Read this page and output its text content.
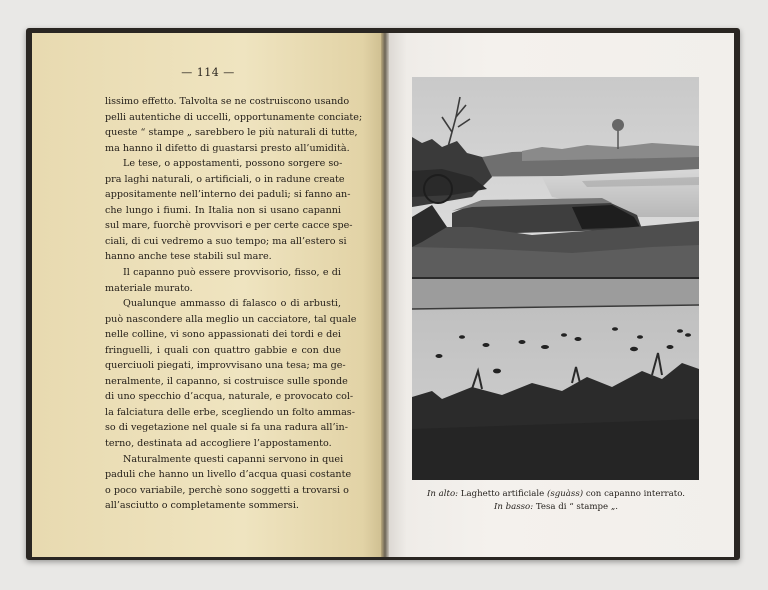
— 114 —
lissimo effetto. Talvolta se ne costruiscono usando
pelli autentiche di uccelli, opportunamente conciate;
queste “ stampe „ sarebbero le più naturali di tutte,
ma hanno il difetto di guastarsi presto all’umidità.
Le tese, o appostamenti, possono sorgere so-
pra laghi naturali, o artificiali, o in radune create
appositamente nell’interno dei paduli; si fanno an-
che lungo i fiumi. In Italia non si usano capanni
sul mare, fuorchè provvisori e per certe cacce spe-
ciali, di cui vedremo a suo tempo; ma all’estero si
hanno anche tese stabili sul mare.
Il capanno può essere provvisorio, fisso, e di
materiale murato.
Qualunque ammasso di falasco o di arbusti,
può nascondere alla meglio un cacciatore, tal quale
nelle colline, vi sono appassionati dei tordi e dei
fringuelli, i quali con quattro gabbie e con due
querciuoli piegati, improvvisano una tesa; ma ge-
neralmente, il capanno, si costruisce sulle sponde
di uno specchio d’acqua, naturale, e provocato col-
la falciatura delle erbe, scegliendo un folto ammas-
so di vegetazione nel quale si fa una radura all’in-
terno, destinata ad accogliere l’appostamento.
Naturalmente questi capanni servono in quei
paduli che hanno un livello d’acqua quasi costante
o poco variabile, perchè sono soggetti a trovarsi o
all’asciutto o completamente sommersi.
In alto: Laghetto artificiale (sguàss) con capanno interrato.
In basso: Tesa di “ stampe „.
